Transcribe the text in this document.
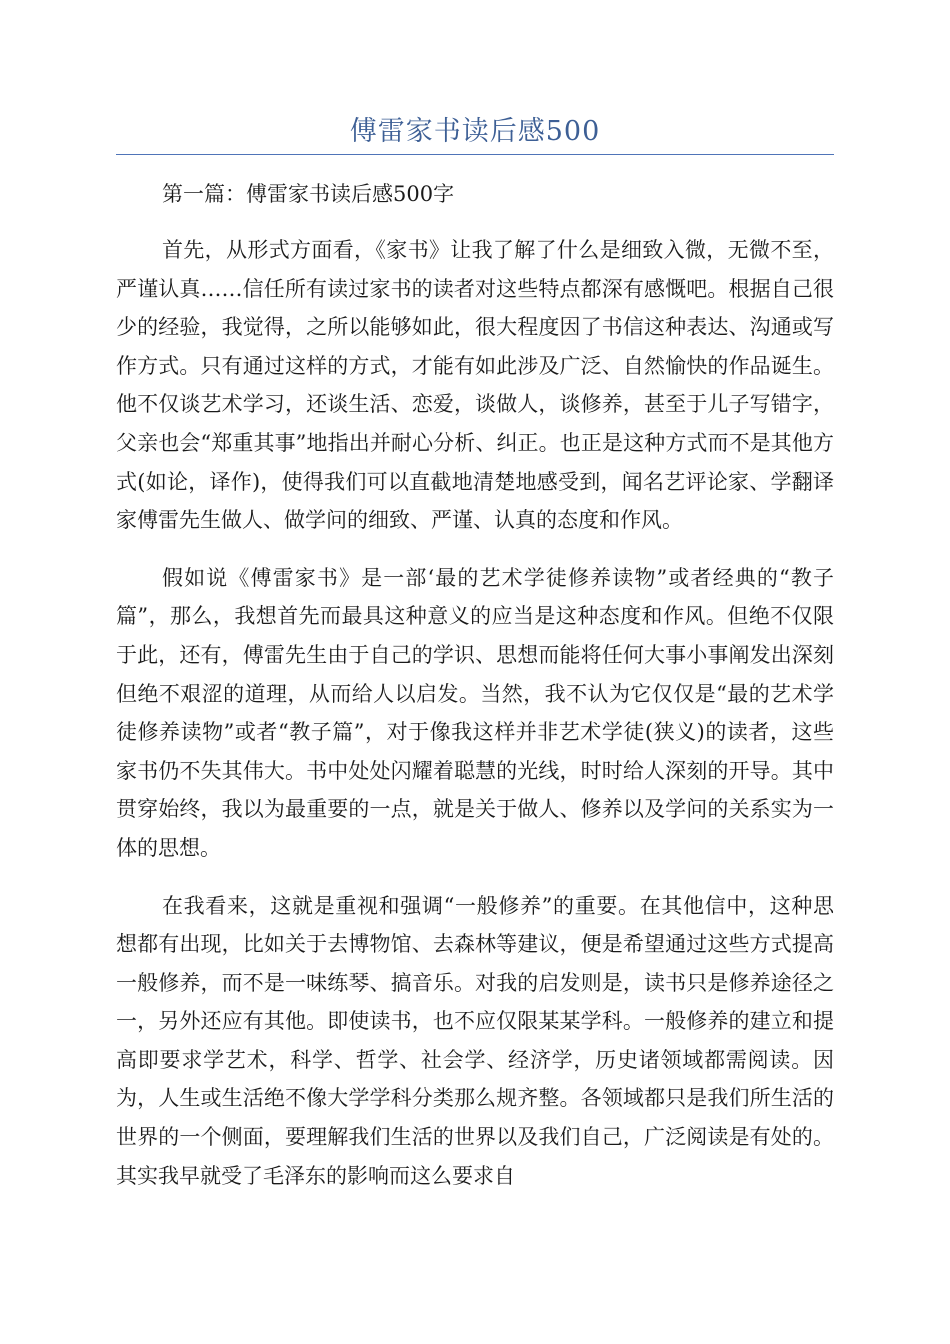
傅雷家书读后感500

第一篇：傅雷家书读后感500字

首先，从形式方面看，《家书》让我了解了什么是细致入微，无微不至，严谨认真……信任所有读过家书的读者对这些特点都深有感慨吧。根据自己很少的经验，我觉得，之所以能够如此，很大程度因了书信这种表达、沟通或写作方式。只有通过这样的方式，才能有如此涉及广泛、自然愉快的作品诞生。他不仅谈艺术学习，还谈生活、恋爱，谈做人，谈修养，甚至于儿子写错字，父亲也会“郑重其事”地指出并耐心分析、纠正。也正是这种方式而不是其他方式(如论，译作)，使得我们可以直截地清楚地感受到，闻名艺评论家、学翻译家傅雷先生做人、做学问的细致、严谨、认真的态度和作风。

假如说《傅雷家书》是一部‘最的艺术学徒修养读物”或者经典的“教子篇”，那么，我想首先而最具这种意义的应当是这种态度和作风。但绝不仅限于此，还有，傅雷先生由于自己的学识、思想而能将任何大事小事阐发出深刻但绝不艰涩的道理，从而给人以启发。当然，我不认为它仅仅是“最的艺术学徒修养读物”或者“教子篇”，对于像我这样并非艺术学徒(狭义)的读者，这些家书仍不失其伟大。书中处处闪耀着聪慧的光线，时时给人深刻的开导。其中贯穿始终，我以为最重要的一点，就是关于做人、修养以及学问的关系实为一体的思想。

在我看来，这就是重视和强调“一般修养”的重要。在其他信中，这种思想都有出现，比如关于去博物馆、去森林等建议，便是希望通过这些方式提高一般修养，而不是一味练琴、搞音乐。对我的启发则是，读书只是修养途径之一，另外还应有其他。即使读书，也不应仅限某某学科。一般修养的建立和提高即要求学艺术，科学、哲学、社会学、经济学，历史诸领域都需阅读。因为，人生或生活绝不像大学学科分类那么规齐整。各领域都只是我们所生活的世界的一个侧面，要理解我们生活的世界以及我们自己，广泛阅读是有处的。其实我早就受了毛泽东的影响而这么要求自
